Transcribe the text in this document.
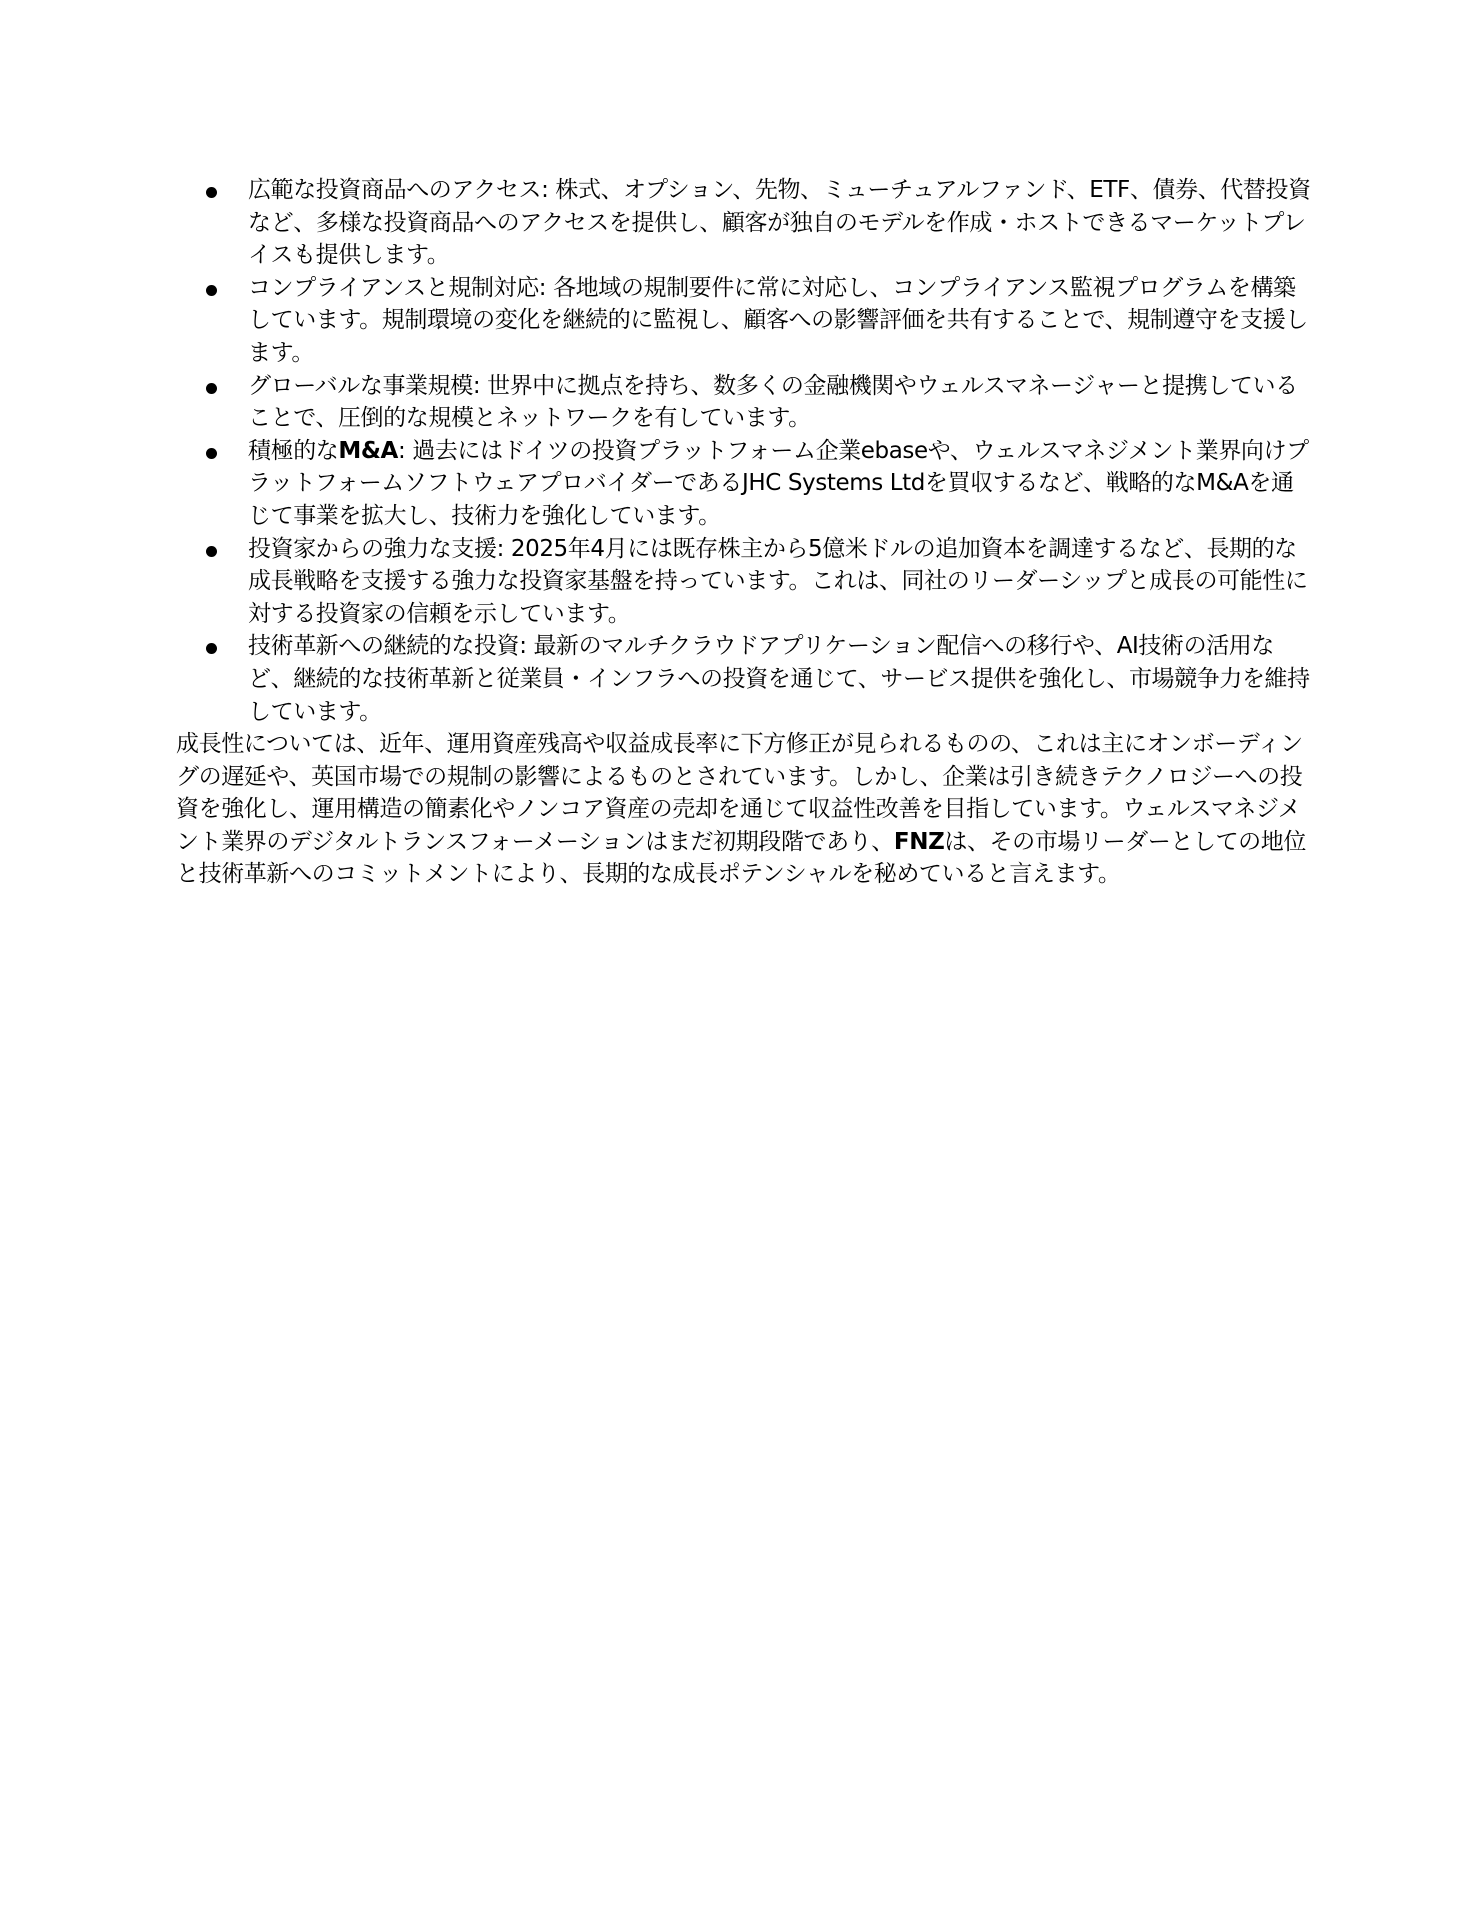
広範な投資商品へのアクセス: 株式、オプション、先物、ミューチュアルファンド、ETF、債券、代替投資など、多様な投資商品へのアクセスを提供し、顧客が独自のモデルを作成・ホストできるマーケットプレイスも提供します。
コンプライアンスと規制対応: 各地域の規制要件に常に対応し、コンプライアンス監視プログラムを構築しています。規制環境の変化を継続的に監視し、顧客への影響評価を共有することで、規制遵守を支援します。
グローバルな事業規模: 世界中に拠点を持ち、数多くの金融機関やウェルスマネージャーと提携していることで、圧倒的な規模とネットワークを有しています。
積極的なM&A: 過去にはドイツの投資プラットフォーム企業ebaseや、ウェルスマネジメント業界向けプラットフォームソフトウェアプロバイダーであるJHC Systems Ltdを買収するなど、戦略的なM&Aを通じて事業を拡大し、技術力を強化しています。
投資家からの強力な支援: 2025年4月には既存株主から5億米ドルの追加資本を調達するなど、長期的な成長戦略を支援する強力な投資家基盤を持っています。これは、同社のリーダーシップと成長の可能性に対する投資家の信頼を示しています。
技術革新への継続的な投資: 最新のマルチクラウドアプリケーション配信への移行や、AI技術の活用など、継続的な技術革新と従業員・インフラへの投資を通じて、サービス提供を強化し、市場競争力を維持しています。

成長性については、近年、運用資産残高や収益成長率に下方修正が見られるものの、これは主にオンボーディングの遅延や、英国市場での規制の影響によるものとされています。しかし、企業は引き続きテクノロジーへの投資を強化し、運用構造の簡素化やノンコア資産の売却を通じて収益性改善を目指しています。ウェルスマネジメント業界のデジタルトランスフォーメーションはまだ初期段階であり、FNZは、その市場リーダーとしての地位と技術革新へのコミットメントにより、長期的な成長ポテンシャルを秘めていると言えます。
